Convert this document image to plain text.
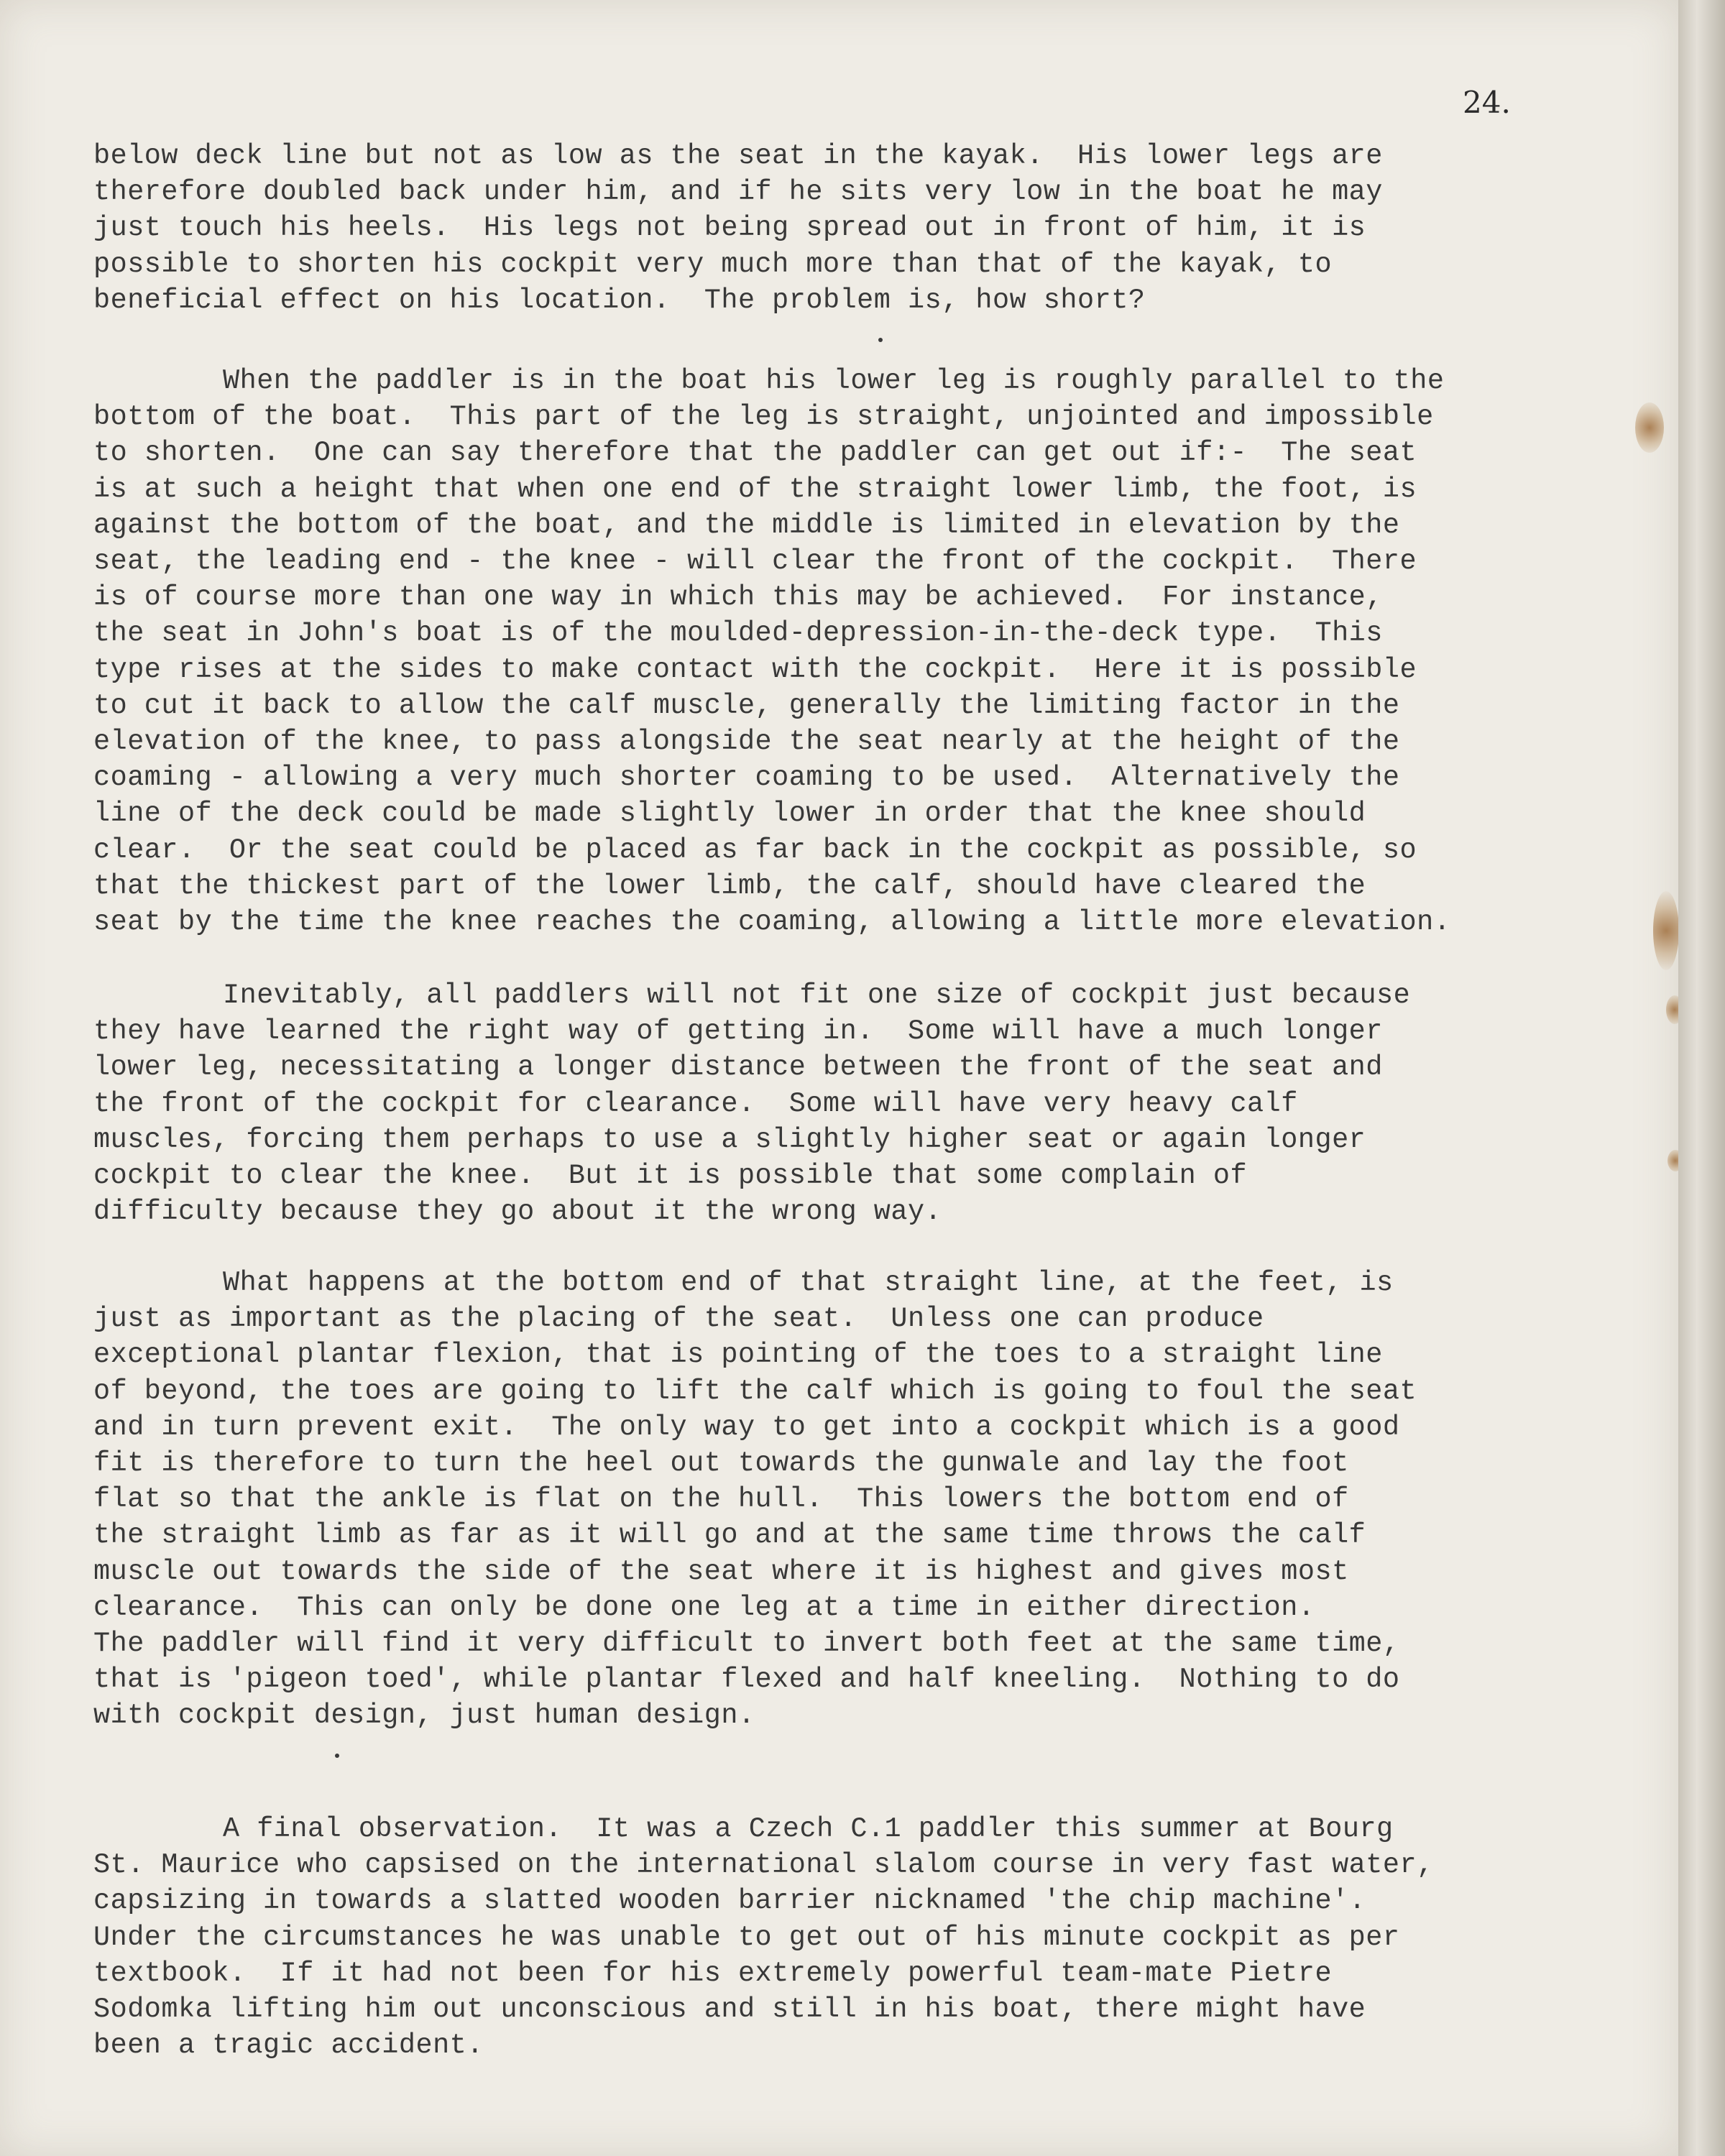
24.
below deck line but not as low as the seat in the kayak.  His lower legs are
therefore doubled back under him, and if he sits very low in the boat he may
just touch his heels.  His legs not being spread out in front of him, it is
possible to shorten his cockpit very much more than that of the kayak, to
beneficial effect on his location.  The problem is, how short?
When the paddler is in the boat his lower leg is roughly parallel to the
bottom of the boat.  This part of the leg is straight, unjointed and impossible
to shorten.  One can say therefore that the paddler can get out if:-  The seat
is at such a height that when one end of the straight lower limb, the foot, is
against the bottom of the boat, and the middle is limited in elevation by the
seat, the leading end - the knee - will clear the front of the cockpit.  There
is of course more than one way in which this may be achieved.  For instance,
the seat in John's boat is of the moulded-depression-in-the-deck type.  This
type rises at the sides to make contact with the cockpit.  Here it is possible
to cut it back to allow the calf muscle, generally the limiting factor in the
elevation of the knee, to pass alongside the seat nearly at the height of the
coaming - allowing a very much shorter coaming to be used.  Alternatively the
line of the deck could be made slightly lower in order that the knee should
clear.  Or the seat could be placed as far back in the cockpit as possible, so
that the thickest part of the lower limb, the calf, should have cleared the
seat by the time the knee reaches the coaming, allowing a little more elevation.
Inevitably, all paddlers will not fit one size of cockpit just because
they have learned the right way of getting in.  Some will have a much longer
lower leg, necessitating a longer distance between the front of the seat and
the front of the cockpit for clearance.  Some will have very heavy calf
muscles, forcing them perhaps to use a slightly higher seat or again longer
cockpit to clear the knee.  But it is possible that some complain of
difficulty because they go about it the wrong way.
What happens at the bottom end of that straight line, at the feet, is
just as important as the placing of the seat.  Unless one can produce
exceptional plantar flexion, that is pointing of the toes to a straight line
of beyond, the toes are going to lift the calf which is going to foul the seat
and in turn prevent exit.  The only way to get into a cockpit which is a good
fit is therefore to turn the heel out towards the gunwale and lay the foot
flat so that the ankle is flat on the hull.  This lowers the bottom end of
the straight limb as far as it will go and at the same time throws the calf
muscle out towards the side of the seat where it is highest and gives most
clearance.  This can only be done one leg at a time in either direction.
The paddler will find it very difficult to invert both feet at the same time,
that is 'pigeon toed', while plantar flexed and half kneeling.  Nothing to do
with cockpit design, just human design.
A final observation.  It was a Czech C.1 paddler this summer at Bourg
St. Maurice who capsised on the international slalom course in very fast water,
capsizing in towards a slatted wooden barrier nicknamed 'the chip machine'.
Under the circumstances he was unable to get out of his minute cockpit as per
textbook.  If it had not been for his extremely powerful team-mate Pietre
Sodomka lifting him out unconscious and still in his boat, there might have
been a tragic accident.
